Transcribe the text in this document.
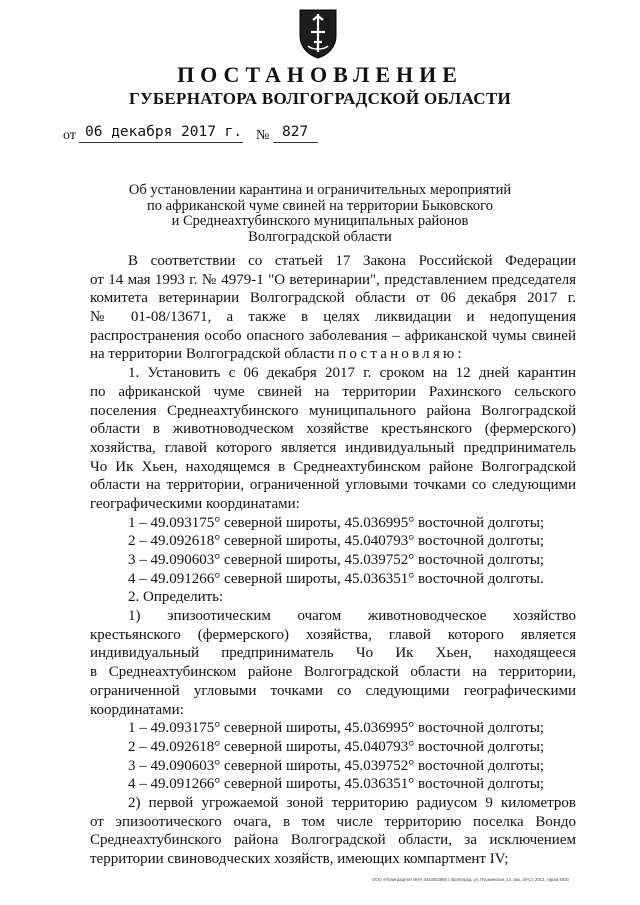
ПОСТАНОВЛЕНИЕ
ГУБЕРНАТОРА ВОЛГОГРАДСКОЙ ОБЛАСТИ
от 06 декабря 2017 г. № 827
Об установлении карантина и ограничительных мероприятий
по африканской чуме свиней на территории Быковского
и Среднеахтубинского муниципальных районов
Волгоградской области
В соответствии со статьей 17 Закона Российской Федерации
от 14 мая 1993 г. № 4979-1 "О ветеринарии", представлением председателя
комитета ветеринарии Волгоградской области от 06 декабря 2017 г.
№ 01-08/13671, а также в целях ликвидации и недопущения
распространения особо опасного заболевания – африканской чумы свиней
на территории Волгоградской области постановляю:
1. Установить с 06 декабря 2017 г. сроком на 12 дней карантин
по африканской чуме свиней на территории Рахинского сельского
поселения Среднеахтубинского муниципального района Волгоградской
области в животноводческом хозяйстве крестьянского (фермерского)
хозяйства, главой которого является индивидуальный предприниматель
Чо Ик Хьен, находящемся в Среднеахтубинском районе Волгоградской
области на территории, ограниченной угловыми точками со следующими
географическими координатами:
1 – 49.093175° северной широты, 45.036995° восточной долготы;
2 – 49.092618° северной широты, 45.040793° восточной долготы;
3 – 49.090603° северной широты, 45.039752° восточной долготы;
4 – 49.091266° северной широты, 45.036351° восточной долготы.
2. Определить:
1) эпизоотическим очагом животноводческое хозяйство
крестьянского (фермерского) хозяйства, главой которого является
индивидуальный предприниматель Чо Ик Хьен, находящееся
в Среднеахтубинском районе Волгоградской области на территории,
ограниченной угловыми точками со следующими географическими
координатами:
1 – 49.093175° северной широты, 45.036995° восточной долготы;
2 – 49.092618° северной широты, 45.040793° восточной долготы;
3 – 49.090603° северной широты, 45.039752° восточной долготы;
4 – 49.091266° северной широты, 45.036351° восточной долготы;
2) первой угрожаемой зоной территорию радиусом 9 километров
от эпизоотического очага, в том числе территорию поселка Вондо
Среднеахтубинского района Волгоградской области, за исключением
территории свиноводческих хозяйств, имеющих компартмент IV;
ООО «Полиграф-М» ИНН 3443052998 г. Волгоград, ул. Пушкинская, 14. Зак. 19-Ст, 2013, тираж 5000
